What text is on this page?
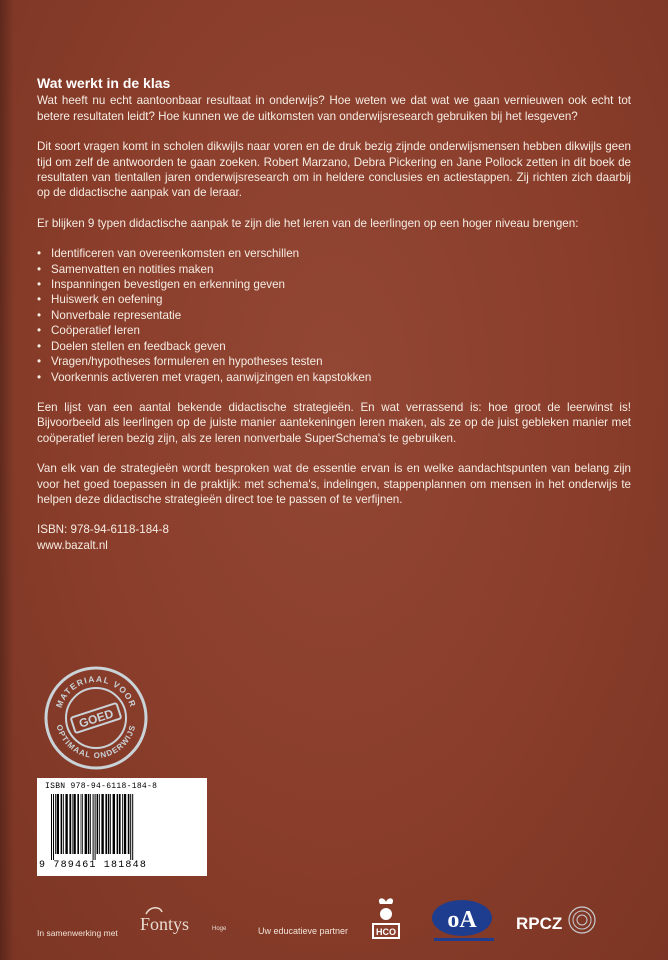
Wat werkt in de klas

Wat heeft nu echt aantoonbaar resultaat in onderwijs? Hoe weten we dat wat we gaan vernieuwen ook echt tot betere resultaten leidt? Hoe kunnen we de uitkomsten van onderwijsresearch gebruiken bij het lesgeven?

Dit soort vragen komt in scholen dikwijls naar voren en de druk bezig zijnde onderwijsmensen hebben dikwijls geen tijd om zelf de antwoorden te gaan zoeken. Robert Marzano, Debra Pickering en Jane Pollock zetten in dit boek de resultaten van tientallen jaren onderwijsresearch om in heldere conclusies en actiestappen. Zij richten zich daarbij op de didactische aanpak van de leraar.

Er blijken 9 typen didactische aanpak te zijn die het leren van de leerlingen op een hoger niveau brengen:

• Identificeren van overeenkomsten en verschillen
• Samenvatten en notities maken
• Inspanningen bevestigen en erkenning geven
• Huiswerk en oefening
• Nonverbale representatie
• Coöperatief leren
• Doelen stellen en feedback geven
• Vragen/hypotheses formuleren en hypotheses testen
• Voorkennis activeren met vragen, aanwijzingen en kapstokken

Een lijst van een aantal bekende didactische strategieën. En wat verrassend is: hoe groot de leerwinst is! Bijvoorbeeld als leerlingen op de juiste manier aantekeningen leren maken, als ze op de juist gebleken manier met coöperatief leren bezig zijn, als ze leren nonverbale SuperSchema's te gebruiken.

Van elk van de strategieën wordt besproken wat de essentie ervan is en welke aandachtspunten van belang zijn voor het goed toepassen in de praktijk: met schema's, indelingen, stappenplannen om mensen in het onderwijs te helpen deze didactische strategieën direct toe te passen of te verfijnen.

ISBN: 978-94-6118-184-8
www.bazalt.nl
MATERIAAL VOOR
OPTIMAAL ONDERWIJS
GOED
ISBN 978-94-6118-184-8
9 789461 181848
In samenwerking met Fontys	Hoge	Uw educatieve partner	HCO oA RPCZ
